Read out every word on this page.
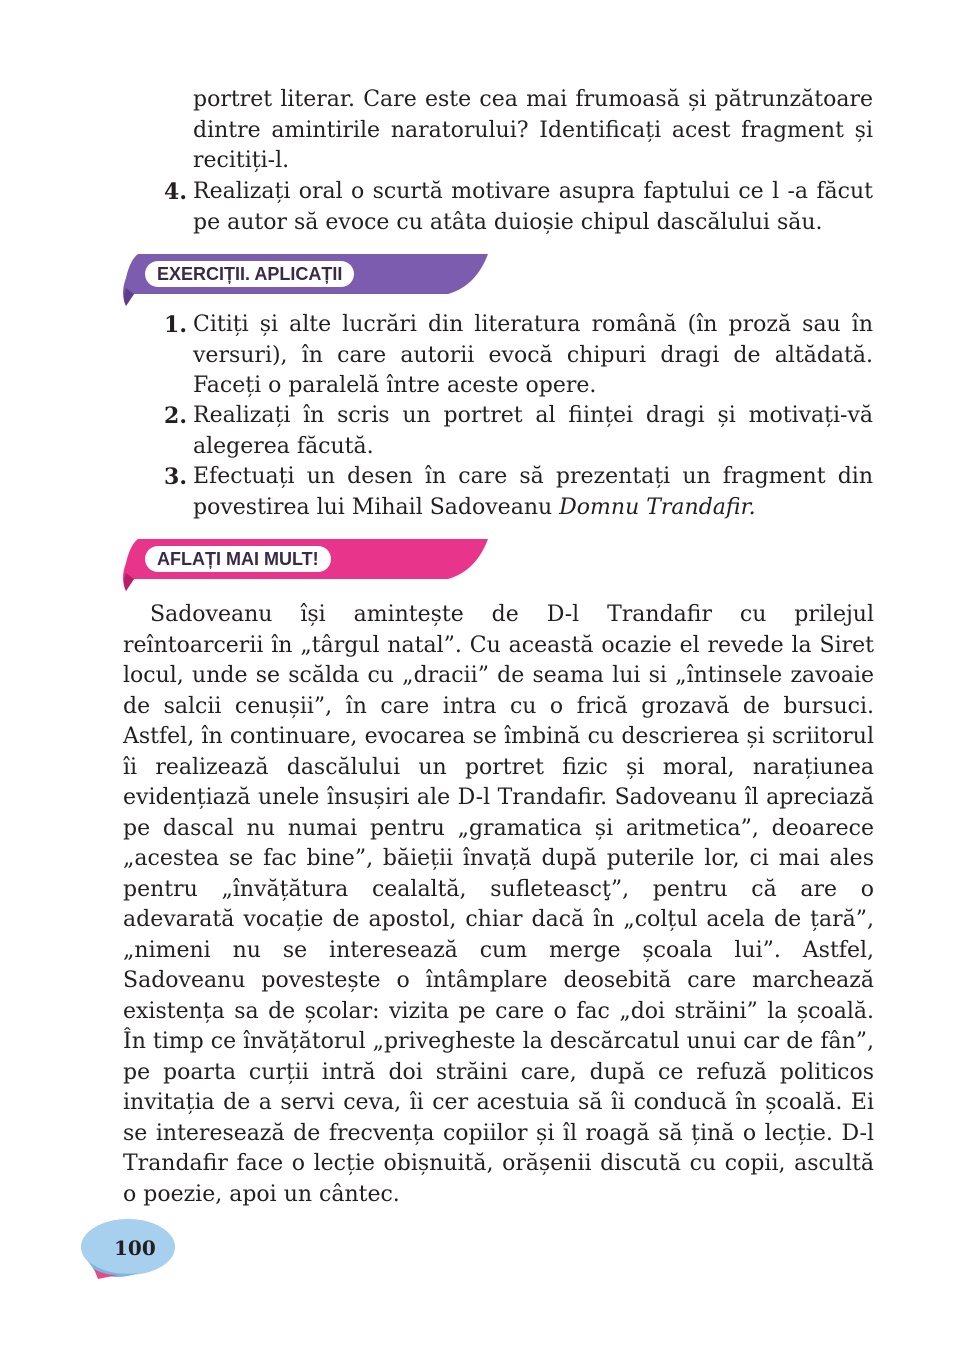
portret literar. Care este cea mai frumoasă și pătrunzătoare dintre amintirile naratorului? Identificați acest fragment și recitiți-l.
4. Realizați oral o scurtă motivare asupra faptului ce l -a făcut pe autor să evoce cu atâta duioșie chipul dascălului său.
EXERCIȚII. APLICAȚII
1. Citiți și alte lucrări din literatura română (în proză sau în versuri), în care autorii evocă chipuri dragi de altădată. Faceți o paralelă între aceste opere.
2. Realizați în scris un portret al ființei dragi și motivați-vă alegerea făcută.
3. Efectuați un desen în care să prezentați un fragment din povestirea lui Mihail Sadoveanu Domnu Trandafir.
AFLAȚI MAI MULT!
Sadoveanu își amintește de D-l Trandafir cu prilejul reîntoarcerii în „târgul natal”. Cu această ocazie el revede la Siret locul, unde se scălda cu „dracii” de seama lui si „întinsele zavoaie de salcii cenușii”, în care intra cu o frică grozavă de bursuci. Astfel, în continuare, evocarea se îmbină cu descrierea și scriitorul îi realizează dascălului un portret fizic și moral, narațiunea evidențiază unele însușiri ale D-l Trandafir. Sadoveanu îl apreciază pe dascal nu numai pentru „gramatica și aritmetica”, deoarece „acestea se fac bine”, băieții învață după puterile lor, ci mai ales pentru „învățătura cealaltă, sufleteascţ”, pentru că are o adevarată vocație de apostol, chiar dacă în „colțul acela de țară”, „nimeni nu se interesează cum merge școala lui”. Astfel, Sadoveanu povestește o întâmplare deosebită care marchează existența sa de școlar: vizita pe care o fac „doi străini” la școală. În timp ce învățătorul „privegheste la descărcatul unui car de fân”, pe poarta curții intră doi străini care, după ce refuză politicos invitația de a servi ceva, îi cer acestuia să îi conducă în școală. Ei se interesează de frecvența copiilor și îl roagă să țină o lecție. D-l Trandafir face o lecție obișnuită, orășenii discută cu copii, ascultă o poezie, apoi un cântec.
100
